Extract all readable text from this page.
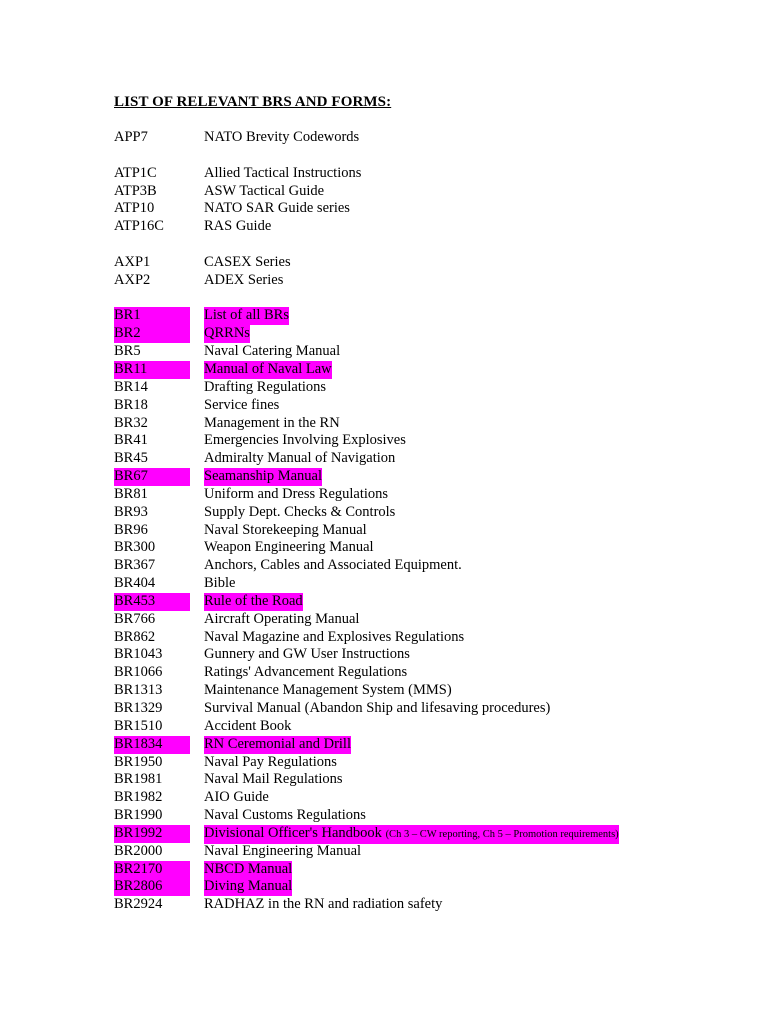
LIST OF RELEVANT BRS AND FORMS:
APP7	NATO Brevity Codewords
ATP1C	Allied Tactical Instructions
ATP3B	ASW Tactical Guide
ATP10	NATO SAR Guide series
ATP16C	RAS Guide
AXP1	CASEX Series
AXP2	ADEX Series
BR1	List of all BRs
BR2	QRRNs
BR5	Naval Catering Manual
BR11	Manual of Naval Law
BR14	Drafting Regulations
BR18	Service fines
BR32	Management in the RN
BR41	Emergencies Involving Explosives
BR45	Admiralty Manual of Navigation
BR67	Seamanship Manual
BR81	Uniform and Dress Regulations
BR93	Supply Dept. Checks & Controls
BR96	Naval Storekeeping Manual
BR300	Weapon Engineering Manual
BR367	Anchors, Cables and Associated Equipment.
BR404	Bible
BR453	Rule of the Road
BR766	Aircraft Operating Manual
BR862	Naval Magazine and Explosives Regulations
BR1043	Gunnery and GW User Instructions
BR1066	Ratings' Advancement Regulations
BR1313	Maintenance Management System (MMS)
BR1329	Survival Manual (Abandon Ship and lifesaving procedures)
BR1510	Accident Book
BR1834	RN Ceremonial and Drill
BR1950	Naval Pay Regulations
BR1981	Naval Mail Regulations
BR1982	AIO Guide
BR1990	Naval Customs Regulations
BR1992	Divisional Officer's Handbook (Ch 3 – CW reporting, Ch 5 – Promotion requirements)
BR2000	Naval Engineering Manual
BR2170	NBCD Manual
BR2806	Diving Manual
BR2924	RADHAZ in the RN and radiation safety
